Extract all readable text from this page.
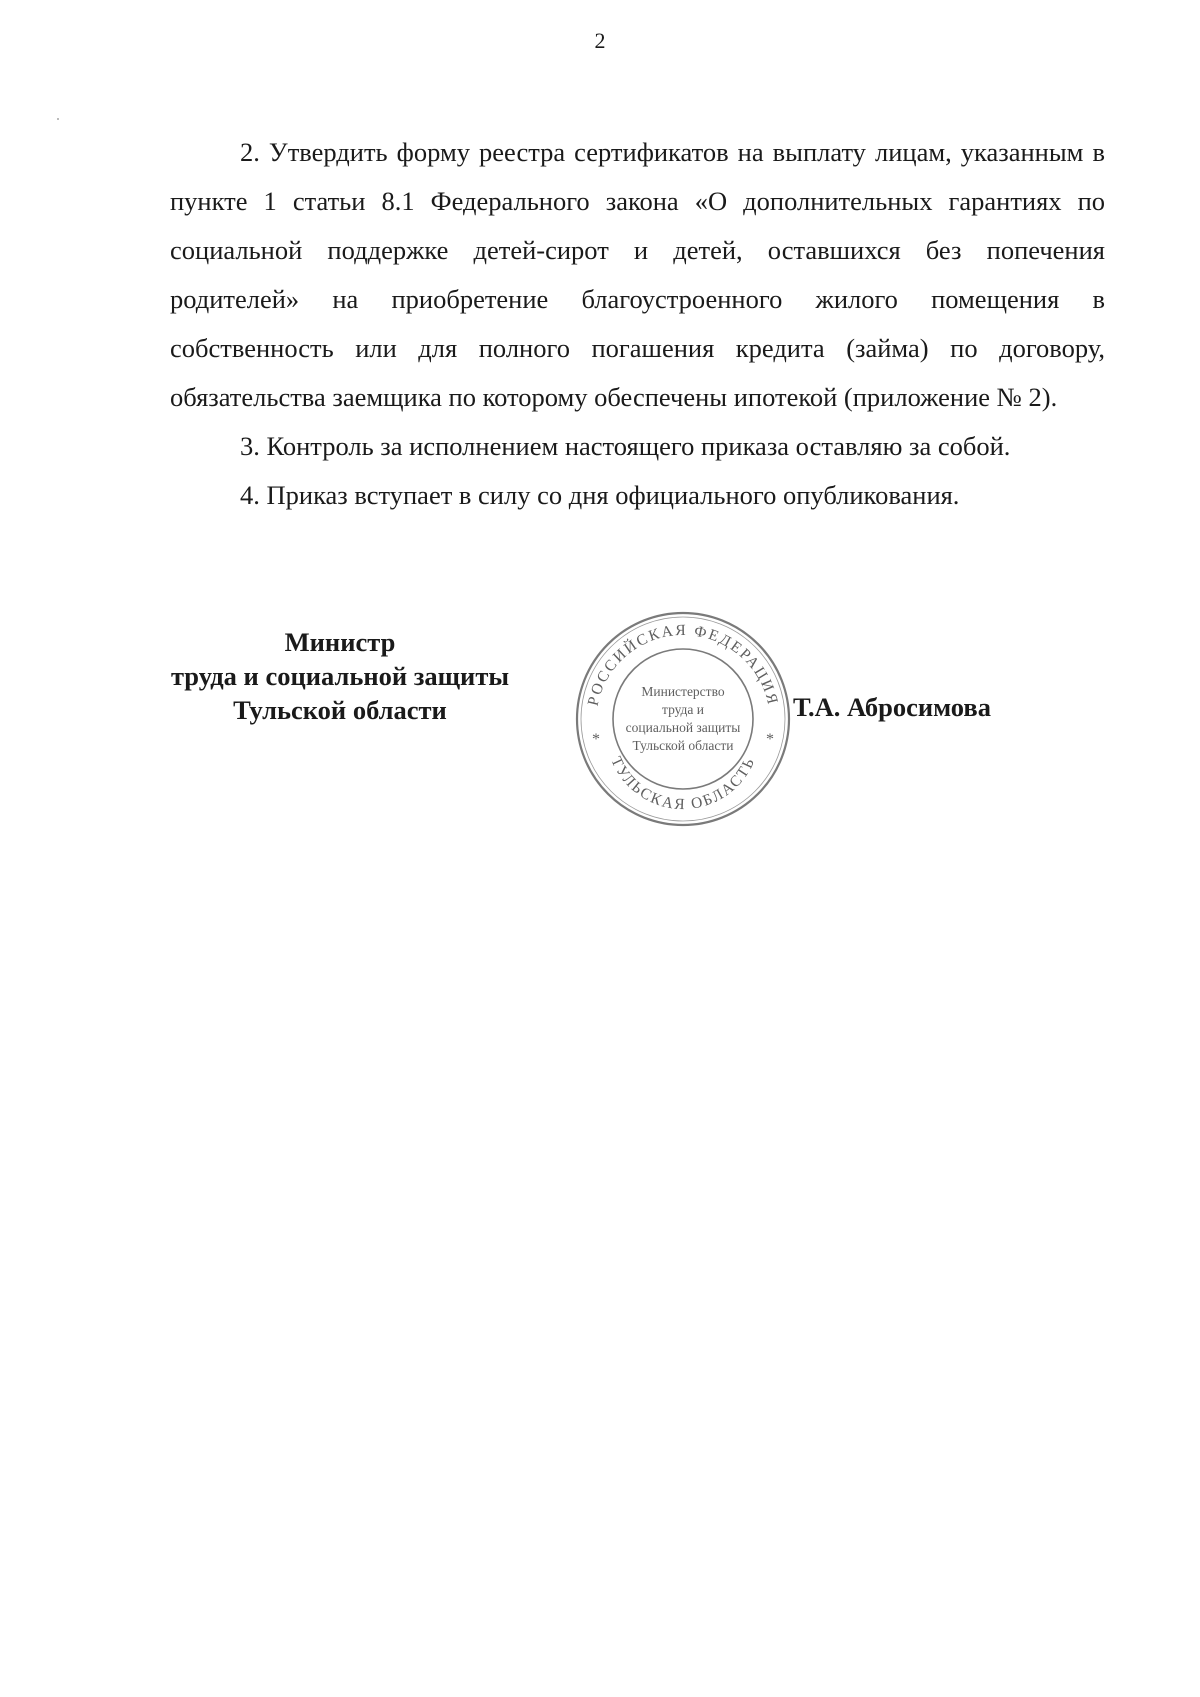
2

2. Утвердить форму реестра сертификатов на выплату лицам, указанным в пункте 1 статьи 8.1 Федерального закона «О дополнительных гарантиях по социальной поддержке детей-сирот и детей, оставшихся без попечения родителей» на приобретение благоустроенного жилого помещения в собственность или для полного погашения кредита (займа) по договору, обязательства заемщика по которому обеспечены ипотекой (приложение № 2).

3. Контроль за исполнением настоящего приказа оставляю за собой.

4. Приказ вступает в силу со дня официального опубликования.

Министр
труда и социальной защиты
Тульской области	РОССИЙСКАЯ ФЕДЕРАЦИЯ
ТУЛЬСКАЯ ОБЛАСТЬ
*	*
Министерство
труда и
социальной защиты
Тульской области
Т.А. Абросимова
